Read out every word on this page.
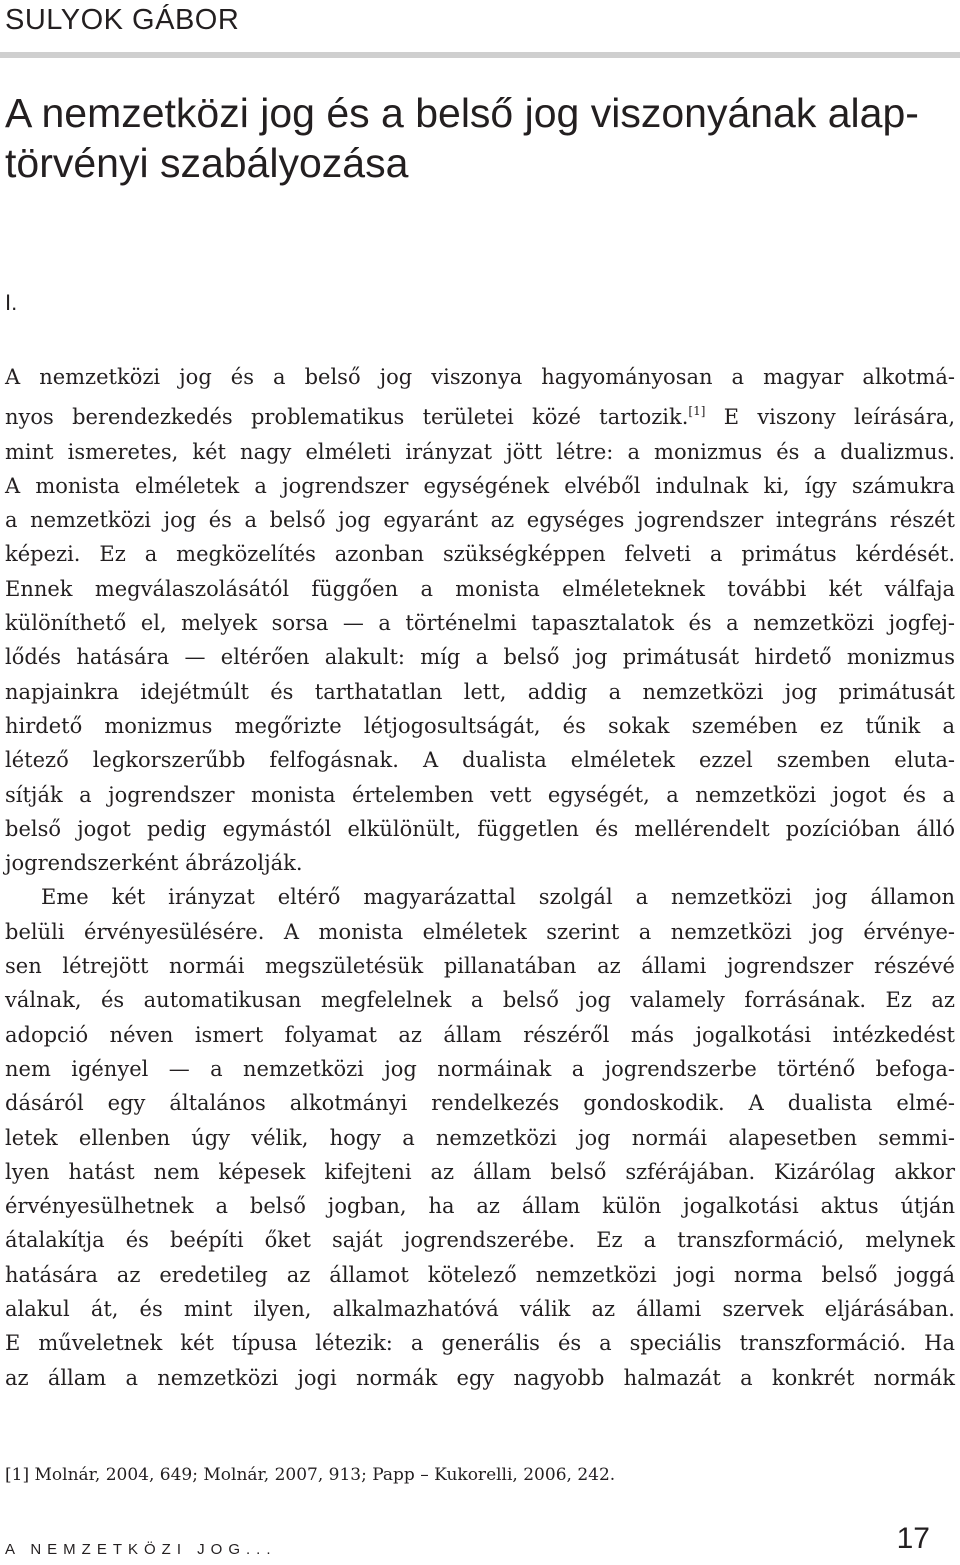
SULYOK GÁBOR
A nemzetközi jog és a belső jog viszonyának alap-
törvényi szabályozása
I.

A nemzetközi jog és a belső jog viszonya hagyományosan a magyar alkotmá-
nyos berendezkedés problematikus területei közé tartozik.[1] E viszony leírására,
mint ismeretes, két nagy elméleti irányzat jött létre: a monizmus és a dualizmus.
A monista elméletek a jogrendszer egységének elvéből indulnak ki, így számukra
a nemzetközi jog és a belső jog egyaránt az egységes jogrendszer integráns részét
képezi. Ez a megközelítés azonban szükségképpen felveti a primátus kérdését.
Ennek megválaszolásától függően a monista elméleteknek további két válfaja
különíthető el, melyek sorsa — a történelmi tapasztalatok és a nemzetközi jogfej-
lődés hatására — eltérően alakult: míg a belső jog primátusát hirdető monizmus
napjainkra idejétmúlt és tarthatatlan lett, addig a nemzetközi jog primátusát
hirdető monizmus megőrizte létjogosultságát, és sokak szemében ez tűnik a
létező legkorszerűbb felfogásnak. A dualista elméletek ezzel szemben eluta-
sítják a jogrendszer monista értelemben vett egységét, a nemzetközi jogot és a
belső jogot pedig egymástól elkülönült, független és mellérendelt pozícióban álló
jogrendszerként ábrázolják.

Eme két irányzat eltérő magyarázattal szolgál a nemzetközi jog államon
belüli érvényesülésére. A monista elméletek szerint a nemzetközi jog érvénye-
sen létrejött normái megszületésük pillanatában az állami jogrendszer részévé
válnak, és automatikusan megfelelnek a belső jog valamely forrásának. Ez az
adopció néven ismert folyamat az állam részéről más jogalkotási intézkedést
nem igényel — a nemzetközi jog normáinak a jogrendszerbe történő befoga-
dásáról egy általános alkotmányi rendelkezés gondoskodik. A dualista elmé-
letek ellenben úgy vélik, hogy a nemzetközi jog normái alapesetben semmi-
lyen hatást nem képesek kifejteni az állam belső szférájában. Kizárólag akkor
érvényesülhetnek a belső jogban, ha az állam külön jogalkotási aktus útján
átalakítja és beépíti őket saját jogrendszerébe. Ez a transzformáció, melynek
hatására az eredetileg az államot kötelező nemzetközi jogi norma belső joggá
alakul át, és mint ilyen, alkalmazhatóvá válik az állami szervek eljárásában.
E műveletnek két típusa létezik: a generális és a speciális transzformáció. Ha
az állam a nemzetközi jogi normák egy nagyobb halmazát a konkrét normák

[1] Molnár, 2004, 649; Molnár, 2007, 913; Papp – Kukorelli, 2006, 242.
A NEMZETKÖZI JOG...	17
